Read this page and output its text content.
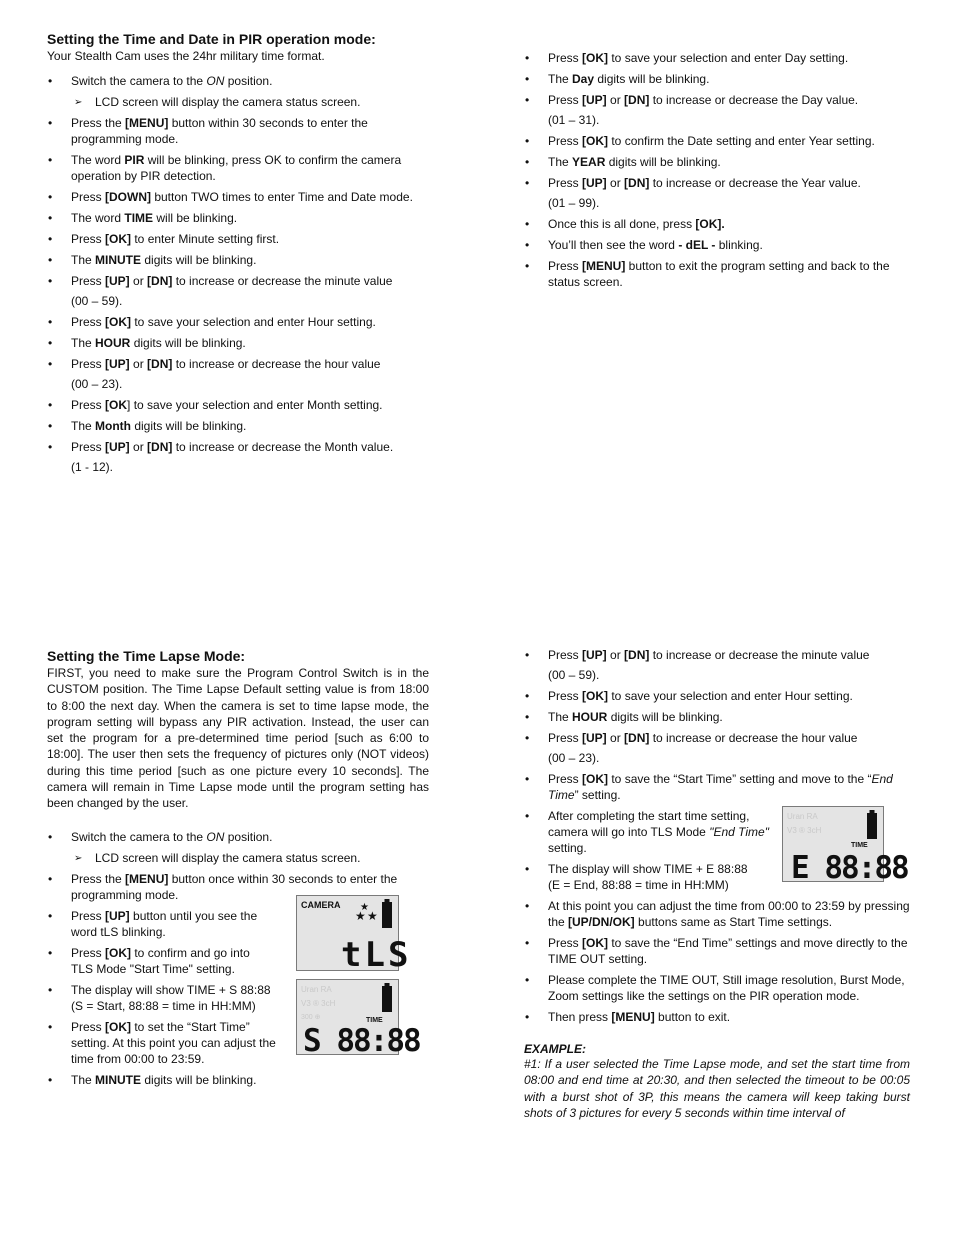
Setting the Time and Date in PIR operation mode:

Your Stealth Cam uses the 24hr military time format.

• Switch the camera to the ON position.
➢ LCD screen will display the camera status screen.
• Press the [MENU] button within 30 seconds to enter the programming mode.
• The word PIR will be blinking, press OK to confirm the camera operation by PIR detection.
• Press [DOWN] button TWO times to enter Time and Date mode.
• The word TIME will be blinking.
• Press [OK] to enter Minute setting first.
• The MINUTE digits will be blinking.
• Press [UP] or [DN] to increase or decrease the minute value
(00 – 59).
• Press [OK] to save your selection and enter Hour setting.
• The HOUR digits will be blinking.
• Press [UP] or [DN] to increase or decrease the hour value
(00 – 23).
• Press [OK] to save your selection and enter Month setting.
• The Month digits will be blinking.
• Press [UP] or [DN] to increase or decrease the Month value.
(1 - 12).
• Press [OK] to save your selection and enter Day setting.
• The Day digits will be blinking.
• Press [UP] or [DN] to increase or decrease the Day value.
(01 – 31).
• Press [OK] to confirm the Date setting and enter Year setting.
• The YEAR digits will be blinking.
• Press [UP] or [DN] to increase or decrease the Year value.
(01 – 99).
• Once this is all done, press [OK].
• You’ll then see the word - dEL - blinking.
• Press [MENU] button to exit the program setting and back to the status screen.
Setting the Time Lapse Mode:

FIRST, you need to make sure the Program Control Switch is in the CUSTOM position. The Time Lapse Default setting value is from 18:00 to 8:00 the next day. When the camera is set to time lapse mode, the program setting will bypass any PIR activation. Instead, the user can set the program for a pre-determined time period [such as 6:00 to 18:00]. The user then sets the frequency of pictures only (NOT videos) during this time period [such as one picture every 10 seconds]. The camera will remain in Time Lapse mode until the program setting has been changed by the user.

• Switch the camera to the ON position.
➢ LCD screen will display the camera status screen.
• Press the [MENU] button once within 30 seconds to enter the programming mode.
• Press [UP] button until you see the word tLS blinking.
• Press [OK] to confirm and go into TLS Mode "Start Time" setting.
• The display will show TIME + S 88:88
(S = Start, 88:88 = time in HH:MM)
• Press [OK] to set the “Start Time” setting. At this point you can adjust the time from 00:00 to 23:59.
• The MINUTE digits will be blinking.
CAMERA
★
★
★
tLS
Uran RA
V3 ® 3cH
300 ⊕	TIME
S 88:88
• Press [UP] or [DN] to increase or decrease the minute value
(00 – 59).
• Press [OK] to save your selection and enter Hour setting.
• The HOUR digits will be blinking.
• Press [UP] or [DN] to increase or decrease the hour value
(00 – 23).
• Press [OK] to save the “Start Time” setting and move to the “End Time” setting.
• After completing the start time setting, camera will go into TLS Mode "End Time" setting.
• The display will show TIME + E 88:88
(E = End, 88:88 = time in HH:MM)
• At this point you can adjust the time from 00:00 to 23:59 by pressing the [UP/DN/OK] buttons same as Start Time settings.
• Press [OK] to save the “End Time” settings and move directly to the TIME OUT setting.
• Please complete the TIME OUT, Still image resolution, Burst Mode, Zoom settings like the settings on the PIR operation mode.
• Then press [MENU] button to exit.

EXAMPLE:

#1: If a user selected the Time Lapse mode, and set the start time from 08:00 and end time at 20:30, and then selected the timeout to be 00:05 with a burst shot of 3P, this means the camera will keep taking burst shots of 3 pictures for every 5 seconds within time interval of

Uran RA
V3 ® 3cH
TIME
E 88:88
